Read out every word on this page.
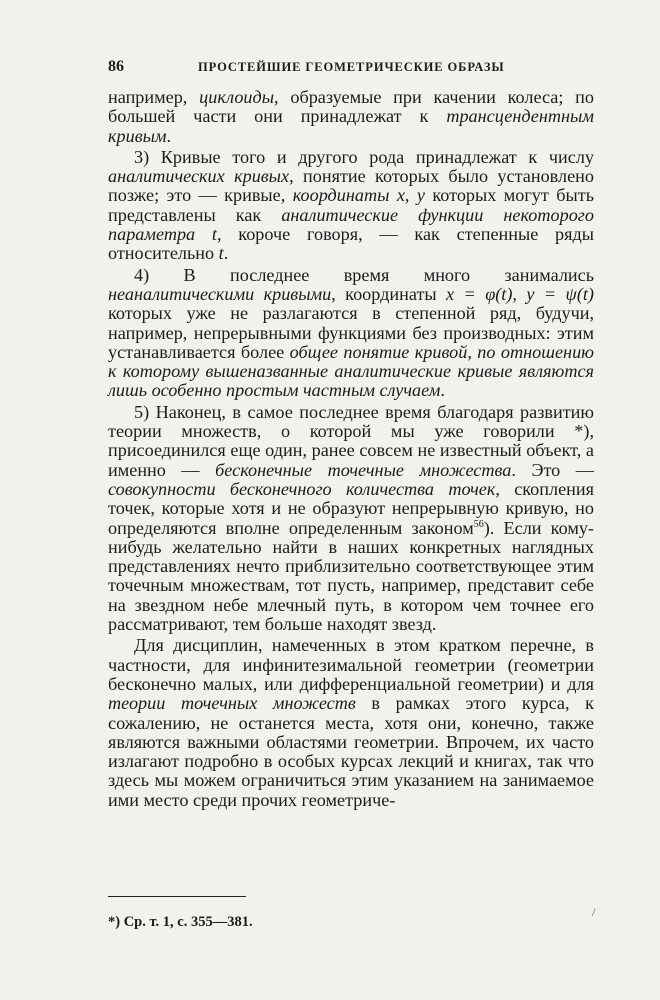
86	ПРОСТЕЙШИЕ ГЕОМЕТРИЧЕСКИЕ ОБРАЗЫ

например, циклоиды, образуемые при качении колеса; по большей части они принадлежат к трансцендентным кривым.

3) Кривые того и другого рода принадлежат к числу аналитических кривых, понятие которых было установлено позже; это — кривые, координаты x, y которых могут быть представлены как аналитические функции некоторого параметра t, короче говоря, — как степенные ряды относительно t.

4) В последнее время много занимались неаналитическими кривыми, координаты x = φ(t), y = ψ(t) которых уже не разлагаются в степенной ряд, будучи, например, непрерывными функциями без производных: этим устанавливается более общее понятие кривой, по отношению к которому вышеназванные аналитические кривые являются лишь особенно простым частным случаем.

5) Наконец, в самое последнее время благодаря развитию теории множеств, о которой мы уже говорили *), присоединился еще один, ранее совсем не известный объект, а именно — бесконечные точечные множества. Это — совокупности бесконечного количества точек, скопления точек, которые хотя и не образуют непрерывную кривую, но определяются вполне определенным законом$^{56}$). Если кому-нибудь желательно найти в наших конкретных наглядных представлениях нечто приблизительно соответствующее этим точечным множествам, тот пусть, например, представит себе на звездном небе млечный путь, в котором чем точнее его рассматривают, тем больше находят звезд.

Для дисциплин, намеченных в этом кратком перечне, в частности, для инфинитезимальной геометрии (геометрии бесконечно малых, или дифференциальной геометрии) и для теории точечных множеств в рамках этого курса, к сожалению, не останется места, хотя они, конечно, также являются важными областями геометрии. Впрочем, их часто излагают подробно в особых курсах лекций и книгах, так что здесь мы можем ограничиться этим указанием на занимаемое ими место среди прочих геометриче-

*) Ср. т. 1, с. 355—381.
/
